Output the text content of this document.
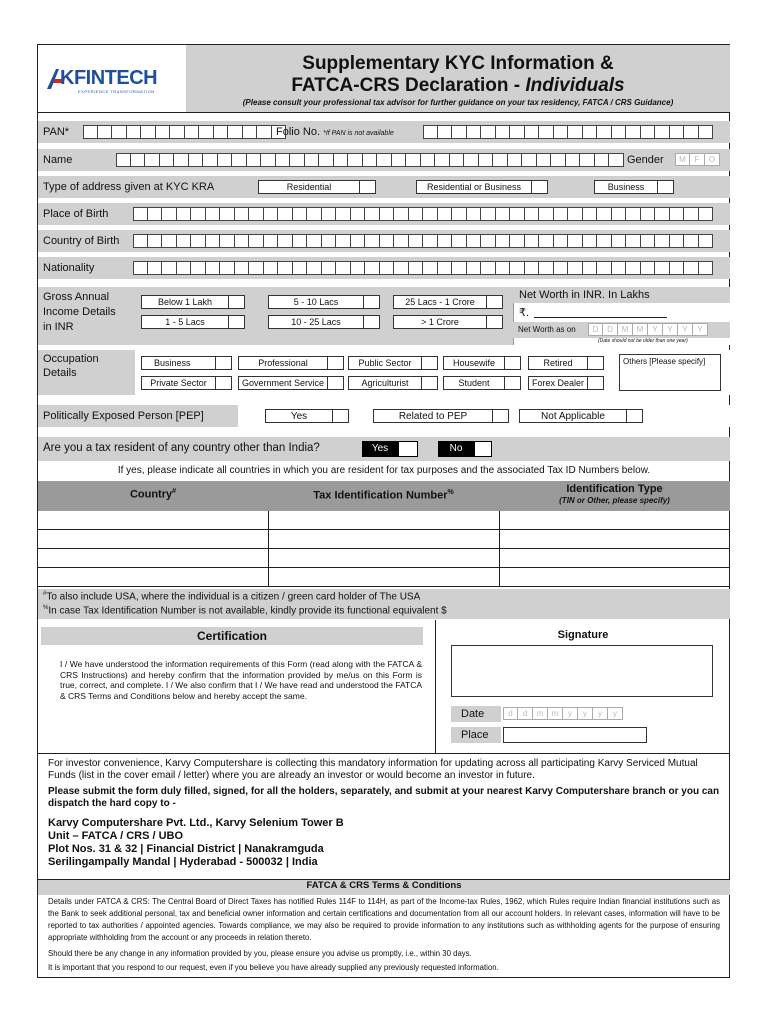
KFINTECH
EXPERIENCE TRANSFORMATION
Supplementary KYC Information &
FATCA-CRS Declaration - Individuals
(Please consult your professional tax advisor for further guidance on your tax residency, FATCA / CRS Guidance)
PAN*	Folio No. *If PAN is not available
Name	Gender	M	F	O
Type of address given at KYC KRA	Residential	Residential or Business	Business
Place of Birth
Country of Birth
Nationality
Gross Annual
Income Details
in INR
Below 1 Lakh	5 - 10 Lacs	25 Lacs - 1 Crore
1 - 5 Lacs	10 - 25 Lacs	> 1 Crore
Net Worth in INR. In Lakhs
₹.
Net Worth as on	D	D	M	M	Y	Y	Y	Y
(Date should not be older than one year)
Occupation
Details
Business	Professional	Public Sector	Housewife	Retired
Private Sector	Government Service	Agriculturist	Student	Forex Dealer
Others [Please specify]
Politically Exposed Person [PEP]	Yes	Related to PEP	Not Applicable
Are you a tax resident of any country other than India?	Yes	No
If yes, please indicate all countries in which you are resident for tax purposes and the associated Tax ID Numbers below.
Country#	Tax Identification Number%	Identification Type
(TIN or Other, please specify)
#To also include USA, where the individual is a citizen / green card holder of The USA
%In case Tax Identification Number is not available, kindly provide its functional equivalent $
Certification
I / We have understood the information requirements of this Form (read along with the FATCA & CRS Instructions) and hereby confirm that the information provided by me/us on this Form is true, correct, and complete. I / We also confirm that I / We have read and understood the FATCA & CRS Terms and Conditions below and hereby accept the same.
Signature
Date	d	d	m	m	y	y	y	y
Place
For investor convenience, Karvy Computershare is collecting this mandatory information for updating across all participating Karvy Serviced Mutual Funds (list in the cover email / letter) where you are already an investor or would become an investor in future.
Please submit the form duly filled, signed, for all the holders, separately, and submit at your nearest Karvy Computershare branch or you can dispatch the hard copy to -
Karvy Computershare Pvt. Ltd., Karvy Selenium Tower B
Unit – FATCA / CRS / UBO
Plot Nos. 31 & 32 | Financial District | Nanakramguda
Serilingampally Mandal | Hyderabad - 500032 | India
FATCA & CRS Terms & Conditions
Details under FATCA & CRS: The Central Board of Direct Taxes has notified Rules 114F to 114H, as part of the Income-tax Rules, 1962, which Rules require Indian financial institutions such as the Bank to seek additional personal, tax and beneficial owner information and certain certifications and documentation from all our account holders. In relevant cases, information will have to be reported to tax authorities / appointed agencies. Towards compliance, we may also be required to provide information to any institutions such as withholding agents for the purpose of ensuring appropriate withholding from the account or any proceeds in relation thereto.
Should there be any change in any information provided by you, please ensure you advise us promptly, i.e., within 30 days.
It is important that you respond to our request, even if you believe you have already supplied any previously requested information.
